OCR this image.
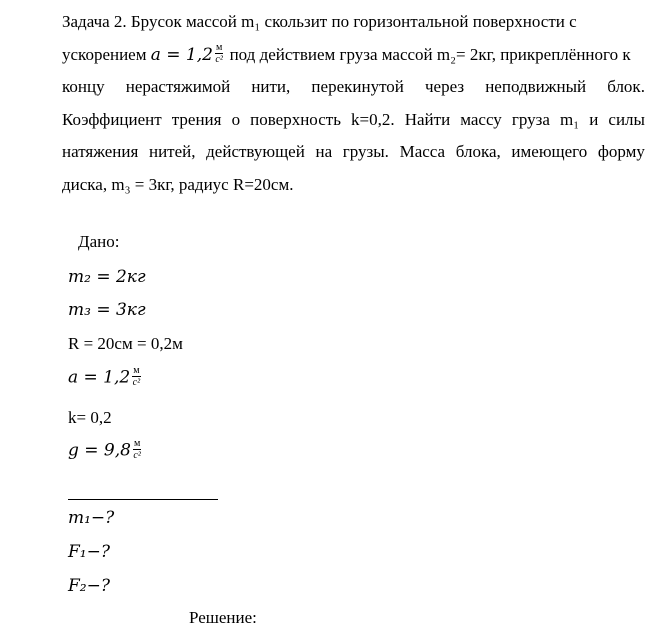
Задача 2. Брусок массой m₁ скользит по горизонтальной поверхности с
ускорением $a = 1,2 \frac{м}{\text{с²}}$ под действием груза массой m₂= 2кг, прикреплённого к
концу нерастяжимой нити, перекинутой через неподвижный блок.
Коэффициент трения о поверхность k=0,2. Найти массу груза m₁ и силы
натяжения нитей, действующей на грузы. Масса блока, имеющего форму
диска, m₃ = 3кг, радиус R=20см.
Дано:
m₂ = 2кг
m₃ = 3кг
R = 20см = 0,2м
$a = 1,2 \frac{м}{\text{с²}}$
k= 0,2
$g = 9,8 \frac{м}{\text{с²}}$
m₁−?
F₁−?
F₂−?
Решение:
